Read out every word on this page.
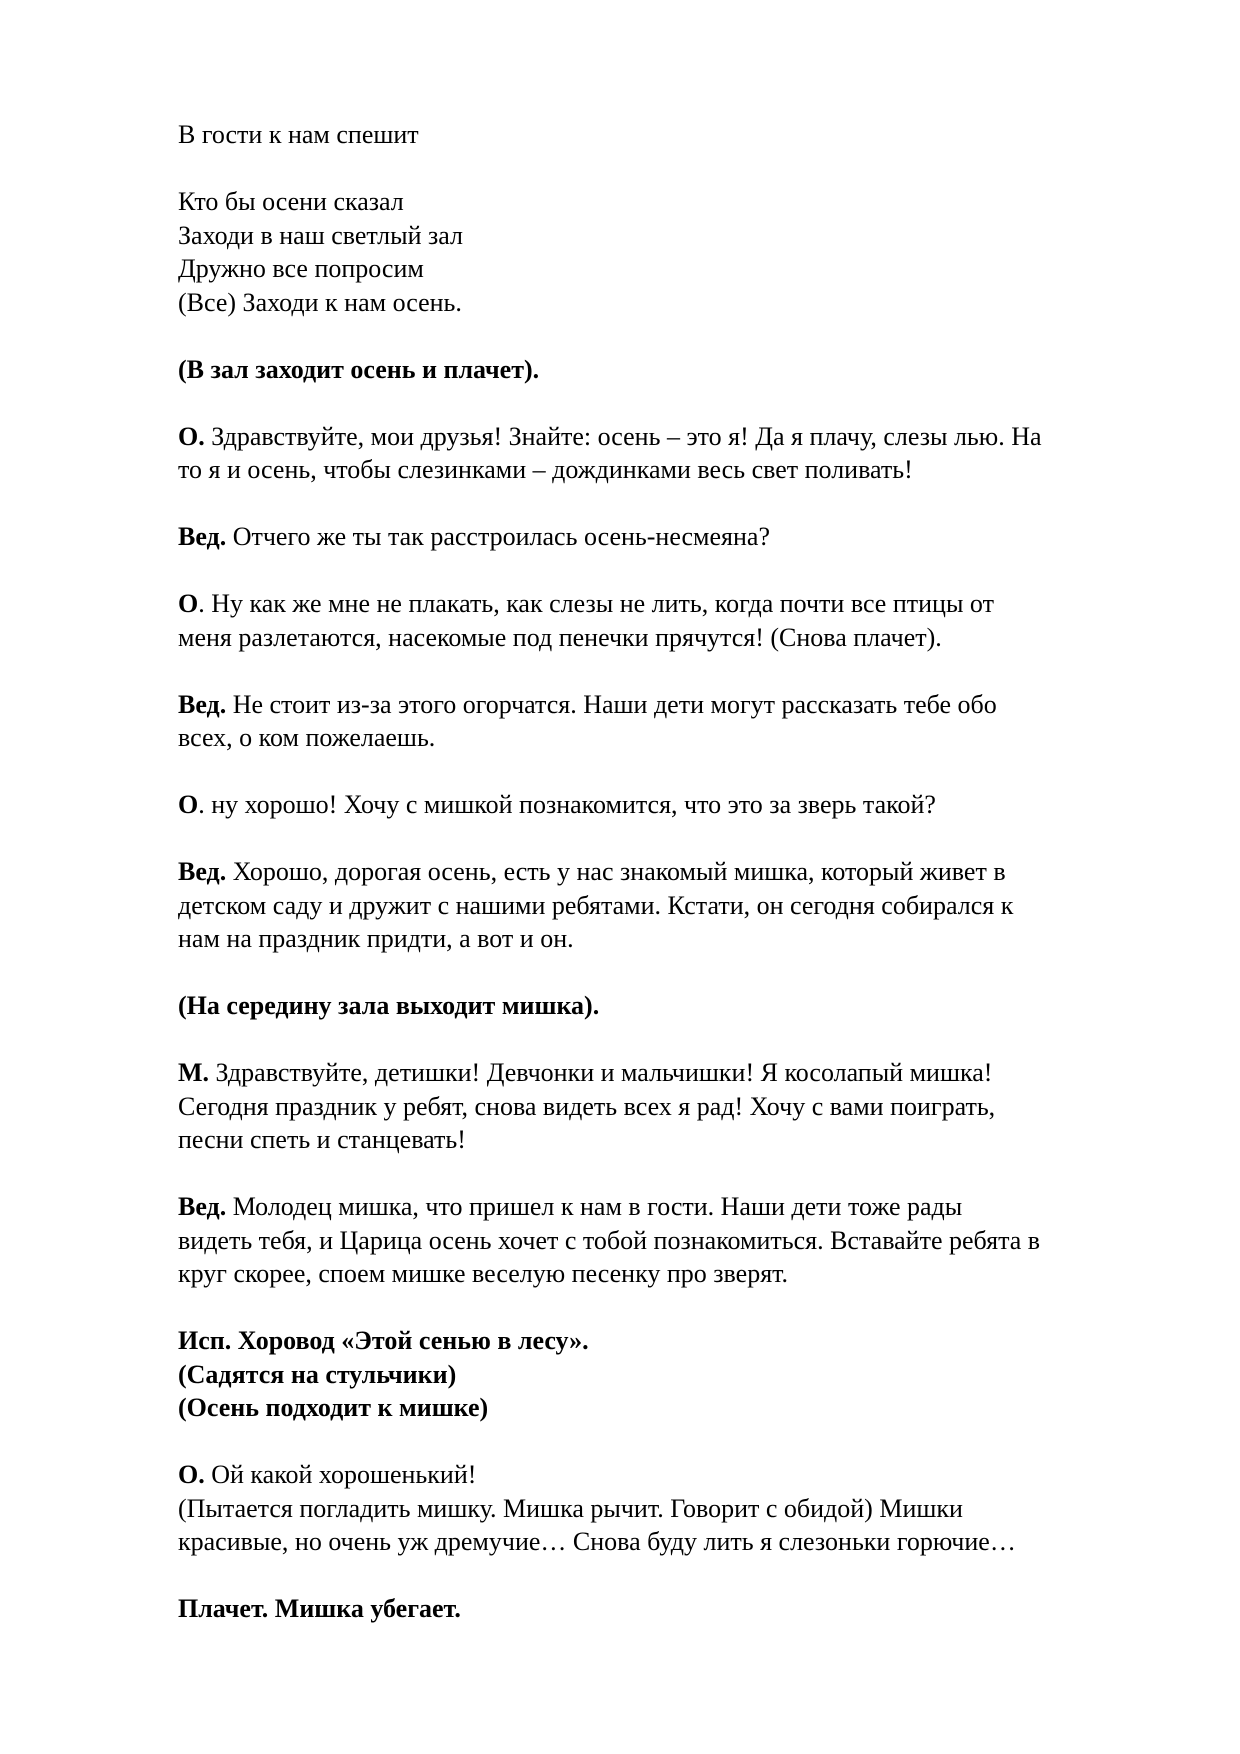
В гости к нам спешит

Кто бы осени сказал
Заходи в наш светлый зал
Дружно все попросим
(Все) Заходи к нам осень.

(В зал заходит осень и плачет).

О. Здравствуйте, мои друзья! Знайте: осень – это я! Да я плачу, слезы лью. На
то я и осень, чтобы слезинками – дождинками весь свет поливать!

Вед. Отчего же ты так расстроилась осень-несмеяна?

О. Ну как же мне не плакать, как слезы не лить, когда почти все птицы от
меня разлетаются, насекомые под пенечки прячутся! (Снова плачет).

Вед. Не стоит из-за этого огорчатся. Наши дети могут рассказать тебе обо
всех, о ком пожелаешь.

О. ну хорошо! Хочу с мишкой познакомится, что это за зверь такой?

Вед. Хорошо, дорогая осень, есть у нас знакомый мишка, который живет в
детском саду и дружит с нашими ребятами. Кстати, он сегодня собирался к
нам на праздник придти, а вот и он.

(На середину зала выходит мишка).

М. Здравствуйте, детишки! Девчонки и мальчишки! Я косолапый мишка!
Сегодня праздник у ребят, снова видеть всех я рад! Хочу с вами поиграть,
песни спеть и станцевать!

Вед. Молодец мишка, что пришел к нам в гости. Наши дети тоже рады
видеть тебя, и Царица осень хочет с тобой познакомиться. Вставайте ребята в
круг скорее, споем мишке веселую песенку про зверят.

Исп. Хоровод «Этой сенью в лесу».
(Садятся на стульчики)
(Осень подходит к мишке)

О. Ой какой хорошенький!
(Пытается погладить мишку. Мишка рычит. Говорит с обидой) Мишки
красивые, но очень уж дремучие… Снова буду лить я слезоньки горючие…

Плачет. Мишка убегает.
